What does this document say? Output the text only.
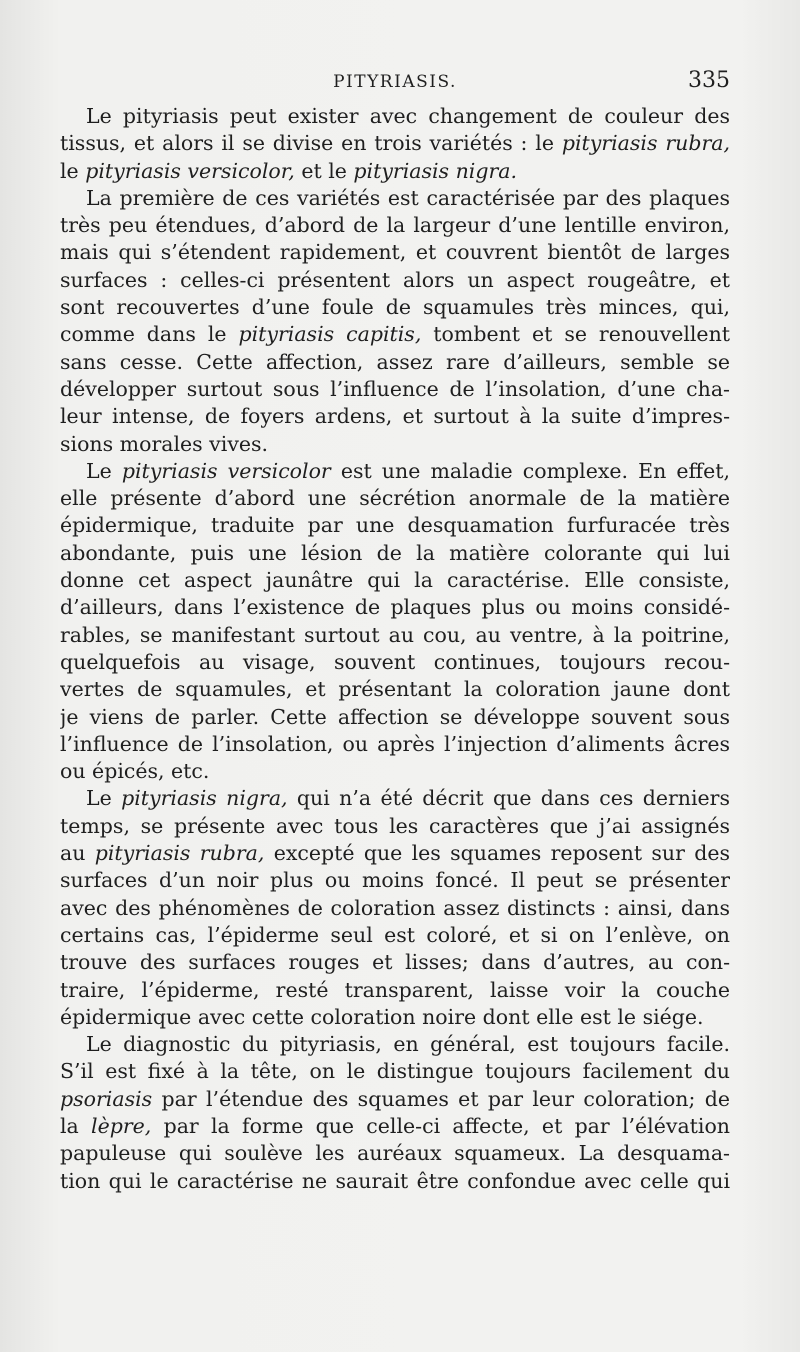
PITYRIASIS.	335
Le pityriasis peut exister avec changement de couleur des
tissus, et alors il se divise en trois variétés : le pityriasis rubra,
le pityriasis versicolor, et le pityriasis nigra.
La première de ces variétés est caractérisée par des plaques
très peu étendues, d’abord de la largeur d’une lentille environ,
mais qui s’étendent rapidement, et couvrent bientôt de larges
surfaces : celles-ci présentent alors un aspect rougeâtre, et
sont recouvertes d’une foule de squamules très minces, qui,
comme dans le pityriasis capitis, tombent et se renouvellent
sans cesse. Cette affection, assez rare d’ailleurs, semble se
développer surtout sous l’influence de l’insolation, d’une cha-
leur intense, de foyers ardens, et surtout à la suite d’impres-
sions morales vives.
Le pityriasis versicolor est une maladie complexe. En effet,
elle présente d’abord une sécrétion anormale de la matière
épidermique, traduite par une desquamation furfuracée très
abondante, puis une lésion de la matière colorante qui lui
donne cet aspect jaunâtre qui la caractérise. Elle consiste,
d’ailleurs, dans l’existence de plaques plus ou moins considé-
rables, se manifestant surtout au cou, au ventre, à la poitrine,
quelquefois au visage, souvent continues, toujours recou-
vertes de squamules, et présentant la coloration jaune dont
je viens de parler. Cette affection se développe souvent sous
l’influence de l’insolation, ou après l’injection d’aliments âcres
ou épicés, etc.
Le pityriasis nigra, qui n’a été décrit que dans ces derniers
temps, se présente avec tous les caractères que j’ai assignés
au pityriasis rubra, excepté que les squames reposent sur des
surfaces d’un noir plus ou moins foncé. Il peut se présenter
avec des phénomènes de coloration assez distincts : ainsi, dans
certains cas, l’épiderme seul est coloré, et si on l’enlève, on
trouve des surfaces rouges et lisses; dans d’autres, au con-
traire, l’épiderme, resté transparent, laisse voir la couche
épidermique avec cette coloration noire dont elle est le siége.
Le diagnostic du pityriasis, en général, est toujours facile.
S’il est fixé à la tête, on le distingue toujours facilement du
psoriasis par l’étendue des squames et par leur coloration; de
la lèpre, par la forme que celle-ci affecte, et par l’élévation
papuleuse qui soulève les auréaux squameux. La desquama-
tion qui le caractérise ne saurait être confondue avec celle qui
